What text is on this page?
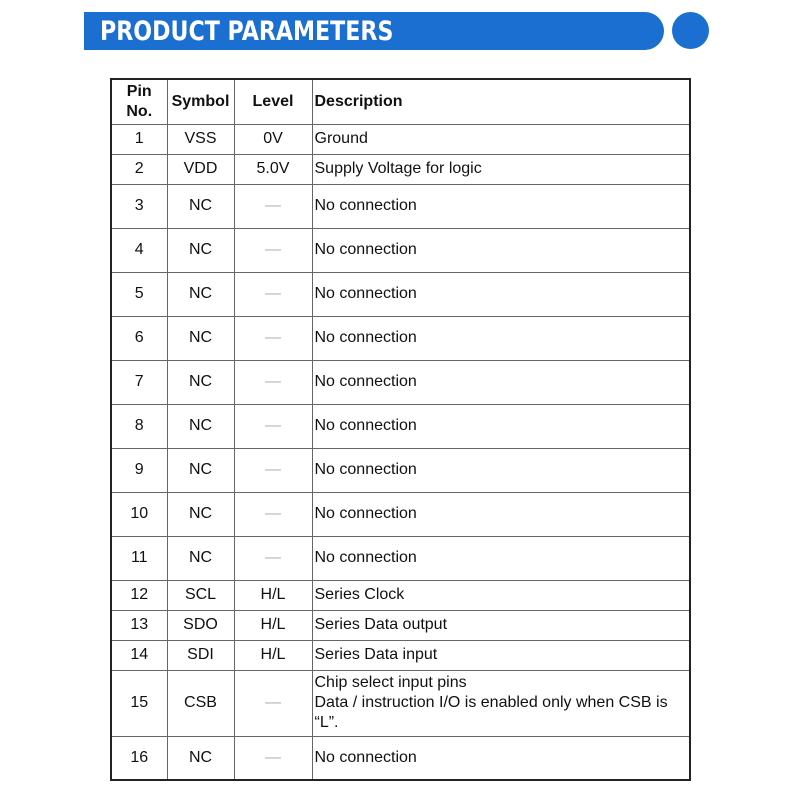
PRODUCT PARAMETERS
Pin
No.	Symbol	Level	Description
1	VSS	0V	Ground

2	VDD	5.0V	Supply Voltage for logic

3	NC	—	No connection

4	NC	—	No connection

5	NC	—	No connection

6	NC	—	No connection

7	NC	—	No connection

8	NC	—	No connection

9	NC	—	No connection

10	NC	—	No connection

11	NC	—	No connection

12	SCL	H/L	Series Clock

13	SDO	H/L	Series Data output

14	SDI	H/L	Series Data input

15	CSB	—	Chip select input pins
Data / instruction I/O is enabled only when CSB is
“L”.

16	NC	—	No connection
